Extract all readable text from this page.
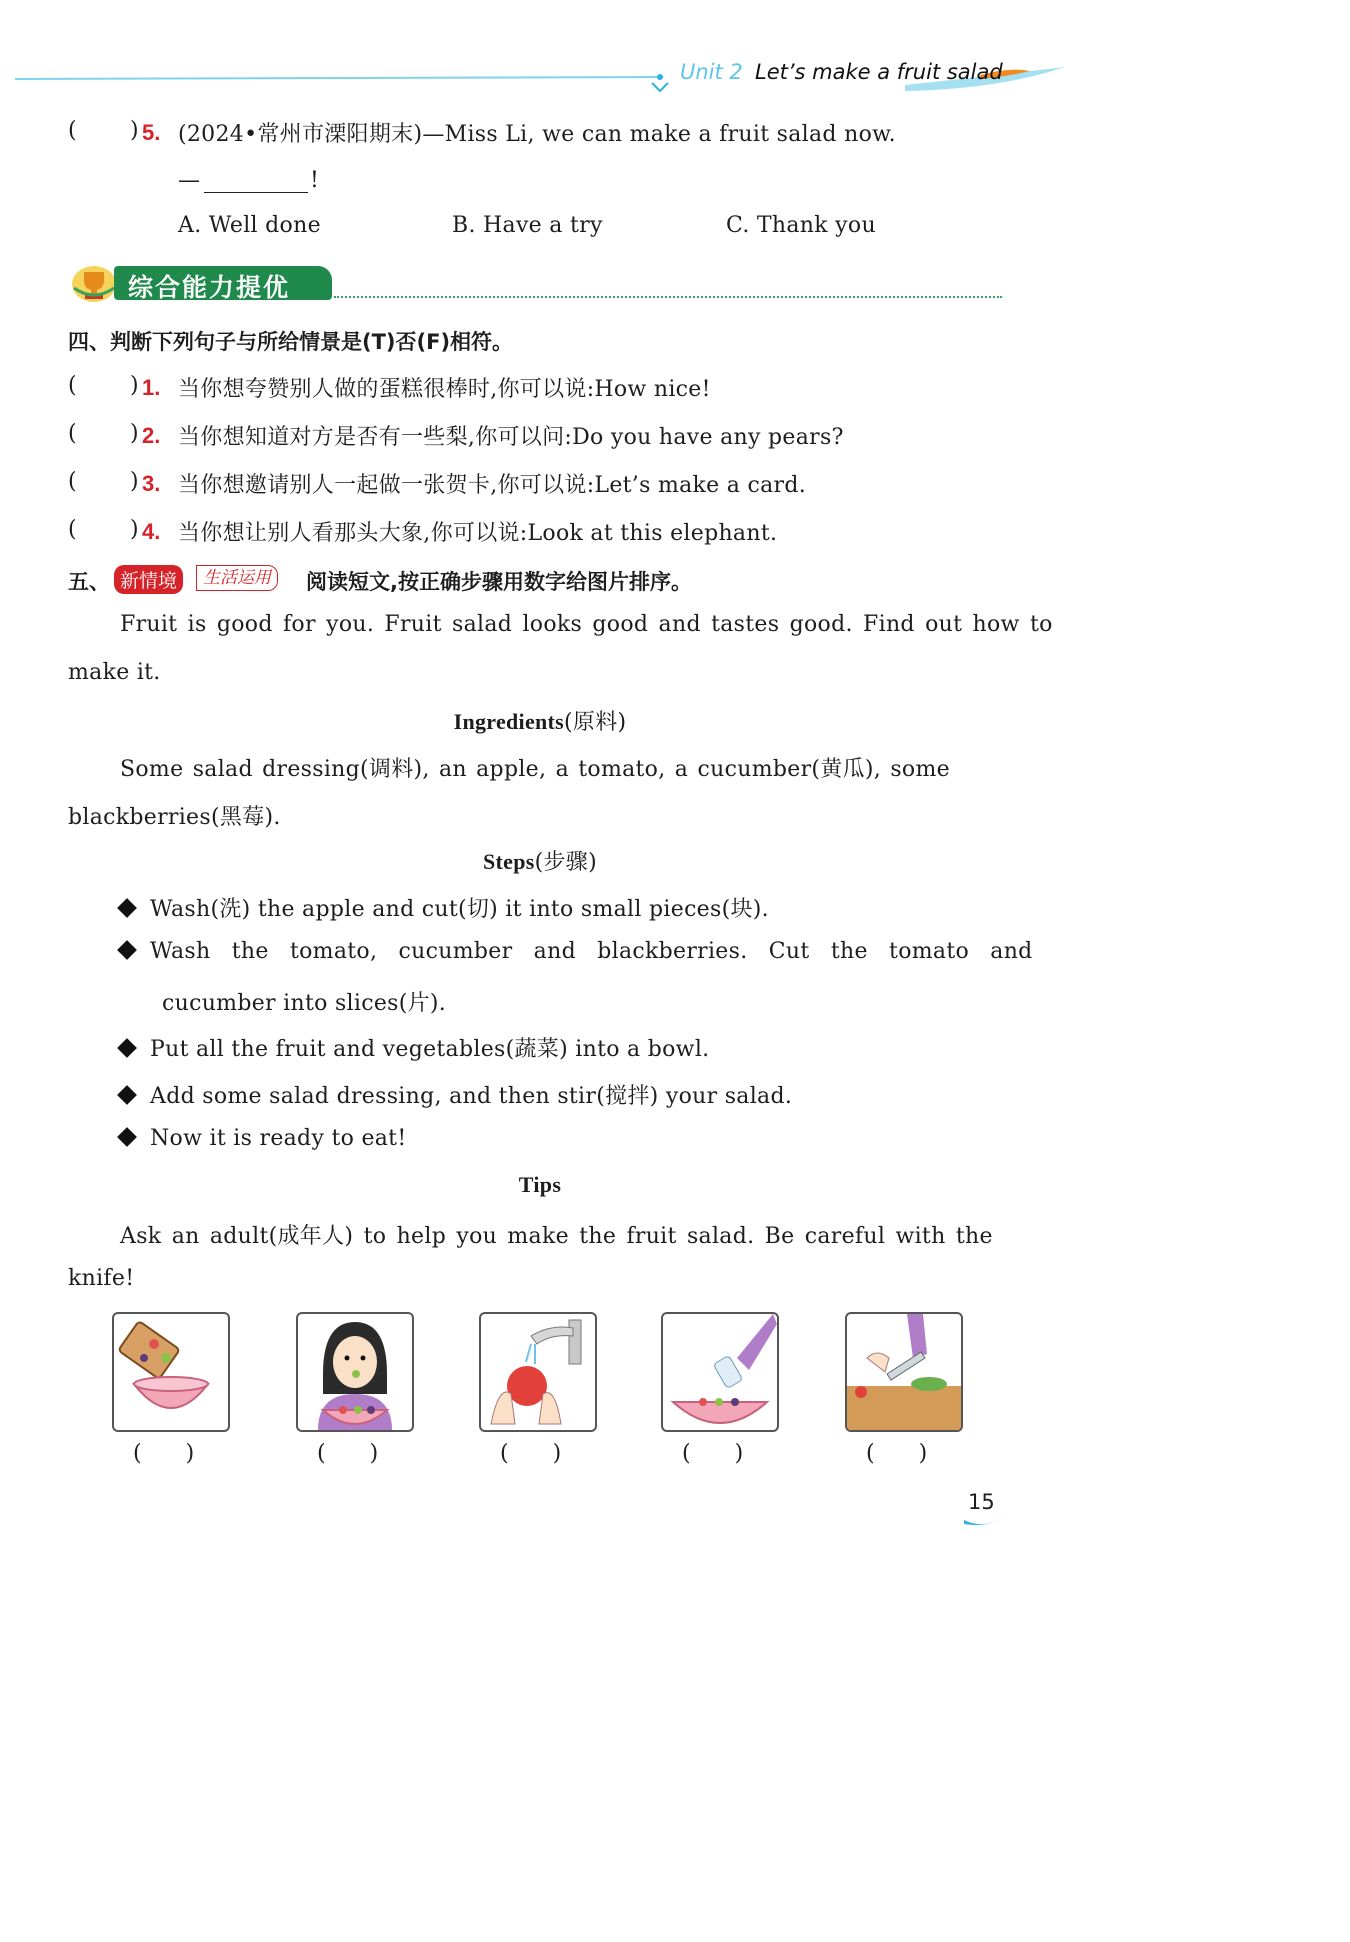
Unit 2 Let’s make a fruit salad
( ) 5. (2024•常州市溧阳期末)—Miss Li, we can make a fruit salad now.
—	!
A. Well done	B. Have a try	C. Thank you
综合能力提优
四、判断下列句子与所给情景是(T)否(F)相符。
( ) 1. 当你想夸赞别人做的蛋糕很棒时,你可以说:How nice!
( ) 2. 当你想知道对方是否有一些梨,你可以问:Do you have any pears?
( ) 3. 当你想邀请别人一起做一张贺卡,你可以说:Let’s make a card.
( ) 4. 当你想让别人看那头大象,你可以说:Look at this elephant.
五、 新情境	生活运用	阅读短文,按正确步骤用数字给图片排序。
Fruit is good for you. Fruit salad looks good and tastes good. Find out how to
make it.
Ingredients(原料)
Some salad dressing(调料), an apple, a tomato, a cucumber(黄瓜), some
blackberries(黑莓).
Steps(步骤)
Wash(洗) the apple and cut(切) it into small pieces(块).
Wash the tomato, cucumber and blackberries. Cut the tomato and
cucumber into slices(片).
Put all the fruit and vegetables(蔬菜) into a bowl.
Add some salad dressing, and then stir(搅拌) your salad.
Now it is ready to eat!
Tips
Ask an adult(成年人) to help you make the fruit salad. Be careful with the
knife!
(　　)	(　　)	(　　)	(　　)	(　　)
15
